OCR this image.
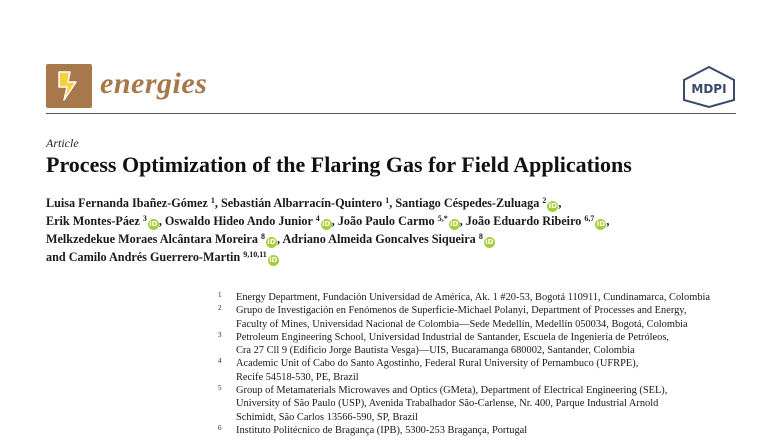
energies	MDPI
Article
Process Optimization of the Flaring Gas for Field Applications
Luisa Fernanda Ibañez-Gómez $^1$, Sebastián Albarracín-Quintero $^1$, Santiago Céspedes-Zuluaga $^2$iD,
Erik Montes-Páez $^3$iD, Oswaldo Hideo Ando Junior $^4$iD, João Paulo Carmo $^{5,*}$iD, João Eduardo Ribeiro $^{6,7}$iD,
Melkzedekue Moraes Alcântara Moreira $^8$iD, Adriano Almeida Goncalves Siqueira $^8$iD
and Camilo Andrés Guerrero-Martin $^{9,10,11}$iD
1 Energy Department, Fundación Universidad de América, Ak. 1 #20-53, Bogotá 110911, Cundinamarca, Colombia
2 Grupo de Investigación en Fenómenos de Superficie-Michael Polanyi, Department of Processes and Energy,
Faculty of Mines, Universidad Nacional de Colombia—Sede Medellín, Medellín 050034, Bogotá, Colombia
3 Petroleum Engineering School, Universidad Industrial de Santander, Escuela de Ingeniería de Petróleos,
Cra 27 Cll 9 (Edificio Jorge Bautista Vesga)—UIS, Bucaramanga 680002, Santander, Colombia
4 Academic Unit of Cabo do Santo Agostinho, Federal Rural University of Pernambuco (UFRPE),
Recife 54518-530, PE, Brazil
5 Group of Metamaterials Microwaves and Optics (GMeta), Department of Electrical Engineering (SEL),
University of São Paulo (USP), Avenida Trabalhador São-Carlense, Nr. 400, Parque Industrial Arnold
Schimidt, São Carlos 13566-590, SP, Brazil
6 Instituto Politécnico de Bragança (IPB), 5300-253 Bragança, Portugal
